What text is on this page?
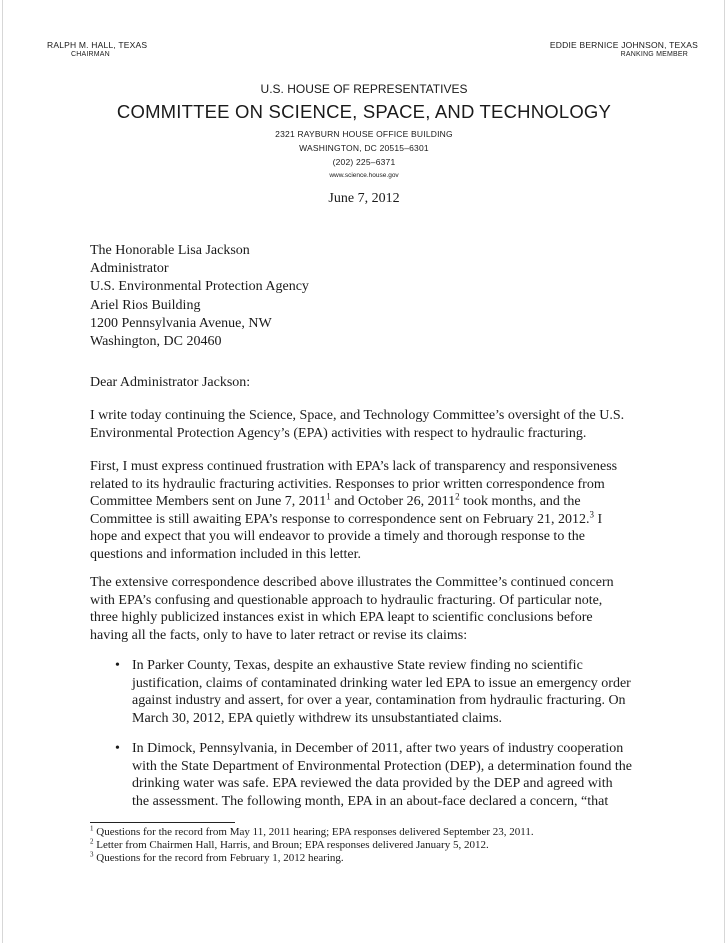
RALPH M. HALL, TEXAS
CHAIRMAN
EDDIE BERNICE JOHNSON, TEXAS
RANKING MEMBER
U.S. HOUSE OF REPRESENTATIVES
COMMITTEE ON SCIENCE, SPACE, AND TECHNOLOGY
2321 RAYBURN HOUSE OFFICE BUILDING
WASHINGTON, DC 20515–6301
(202) 225–6371
www.science.house.gov
June 7, 2012
The Honorable Lisa Jackson
Administrator
U.S. Environmental Protection Agency
Ariel Rios Building
1200 Pennsylvania Avenue, NW
Washington, DC 20460
Dear Administrator Jackson:
I write today continuing the Science, Space, and Technology Committee’s oversight of the U.S.
Environmental Protection Agency’s (EPA) activities with respect to hydraulic fracturing.
First, I must express continued frustration with EPA’s lack of transparency and responsiveness
related to its hydraulic fracturing activities. Responses to prior written correspondence from
Committee Members sent on June 7, 2011$^1$ and October 26, 2011$^2$ took months, and the
Committee is still awaiting EPA’s response to correspondence sent on February 21, 2012.$^3$ I
hope and expect that you will endeavor to provide a timely and thorough response to the
questions and information included in this letter.
The extensive correspondence described above illustrates the Committee’s continued concern
with EPA’s confusing and questionable approach to hydraulic fracturing. Of particular note,
three highly publicized instances exist in which EPA leapt to scientific conclusions before
having all the facts, only to have to later retract or revise its claims:
• In Parker County, Texas, despite an exhaustive State review finding no scientific
justification, claims of contaminated drinking water led EPA to issue an emergency order
against industry and assert, for over a year, contamination from hydraulic fracturing. On
March 30, 2012, EPA quietly withdrew its unsubstantiated claims.
• In Dimock, Pennsylvania, in December of 2011, after two years of industry cooperation
with the State Department of Environmental Protection (DEP), a determination found the
drinking water was safe. EPA reviewed the data provided by the DEP and agreed with
the assessment. The following month, EPA in an about-face declared a concern, “that
$^1$ Questions for the record from May 11, 2011 hearing; EPA responses delivered September 23, 2011.
$^2$ Letter from Chairmen Hall, Harris, and Broun; EPA responses delivered January 5, 2012.
$^3$ Questions for the record from February 1, 2012 hearing.
